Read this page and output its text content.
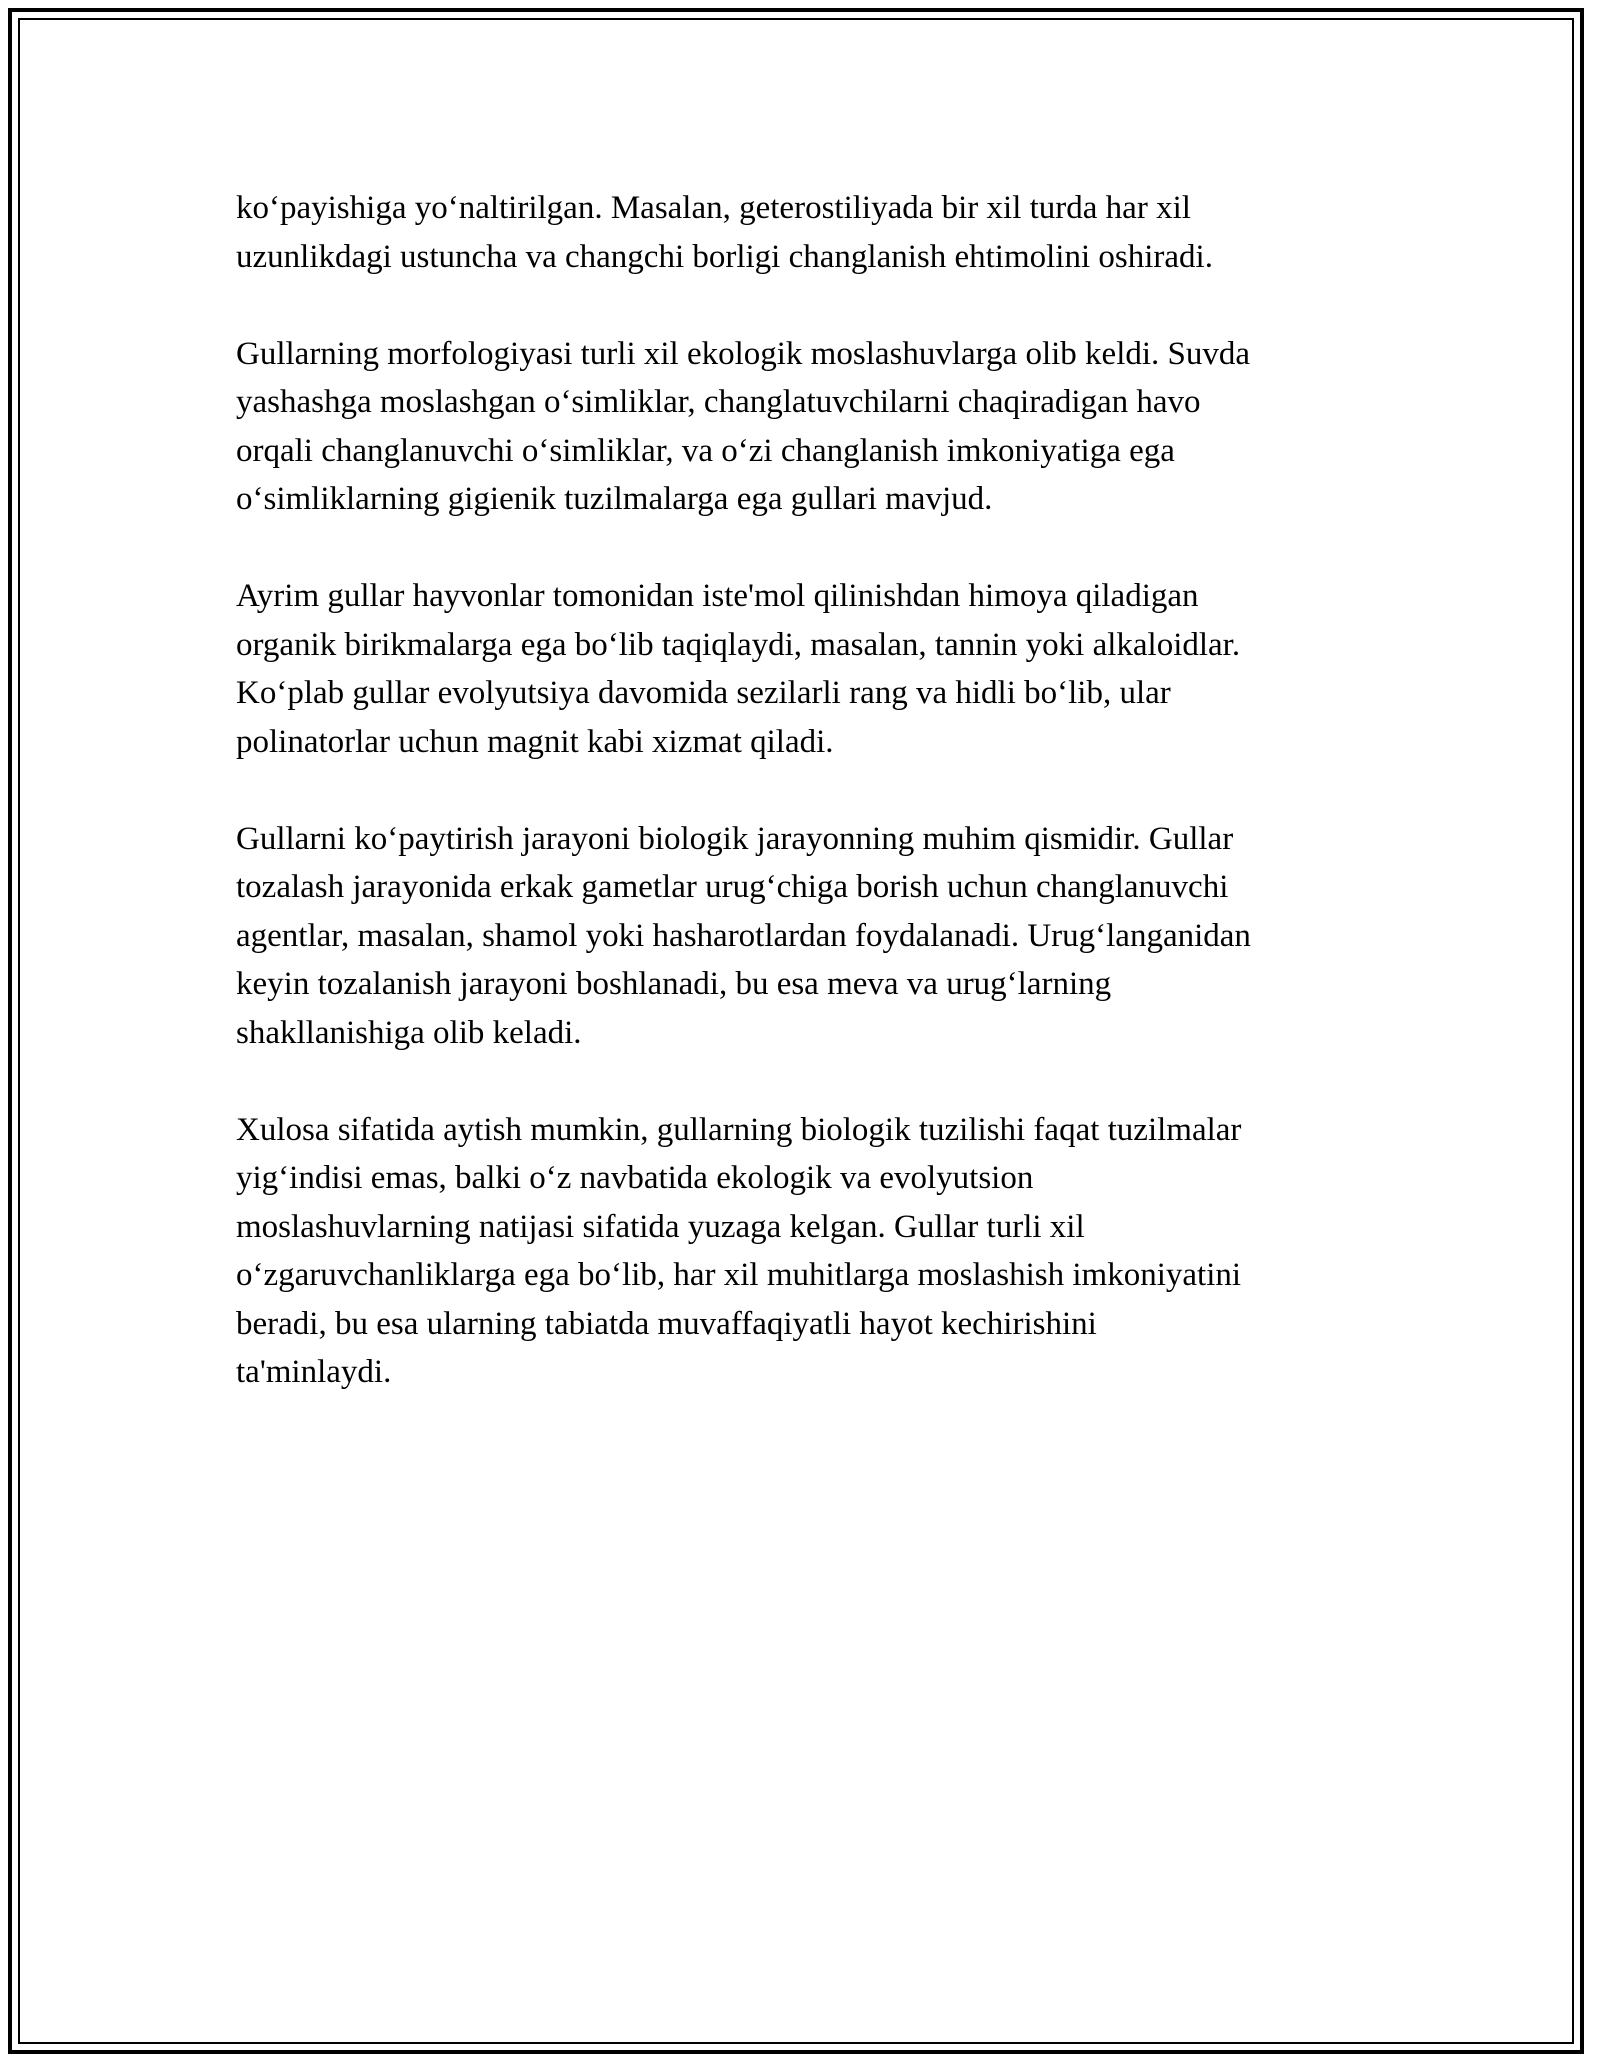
ko‘payishiga yo‘naltirilgan. Masalan, geterostiliyada bir xil turda har xil
uzunlikdagi ustuncha va changchi borligi changlanish ehtimolini oshiradi.

Gullarning morfologiyasi turli xil ekologik moslashuvlarga olib keldi. Suvda
yashashga moslashgan o‘simliklar, changlatuvchilarni chaqiradigan havo
orqali changlanuvchi o‘simliklar, va o‘zi changlanish imkoniyatiga ega
o‘simliklarning gigienik tuzilmalarga ega gullari mavjud.

Ayrim gullar hayvonlar tomonidan iste'mol qilinishdan himoya qiladigan
organik birikmalarga ega bo‘lib taqiqlaydi, masalan, tannin yoki alkaloidlar.
Ko‘plab gullar evolyutsiya davomida sezilarli rang va hidli bo‘lib, ular
polinatorlar uchun magnit kabi xizmat qiladi.

Gullarni ko‘paytirish jarayoni biologik jarayonning muhim qismidir. Gullar
tozalash jarayonida erkak gametlar urug‘chiga borish uchun changlanuvchi
agentlar, masalan, shamol yoki hasharotlardan foydalanadi. Urug‘langanidan
keyin tozalanish jarayoni boshlanadi, bu esa meva va urug‘larning
shakllanishiga olib keladi.

Xulosa sifatida aytish mumkin, gullarning biologik tuzilishi faqat tuzilmalar
yig‘indisi emas, balki o‘z navbatida ekologik va evolyutsion
moslashuvlarning natijasi sifatida yuzaga kelgan. Gullar turli xil
o‘zgaruvchanliklarga ega bo‘lib, har xil muhitlarga moslashish imkoniyatini
beradi, bu esa ularning tabiatda muvaffaqiyatli hayot kechirishini
ta'minlaydi.
